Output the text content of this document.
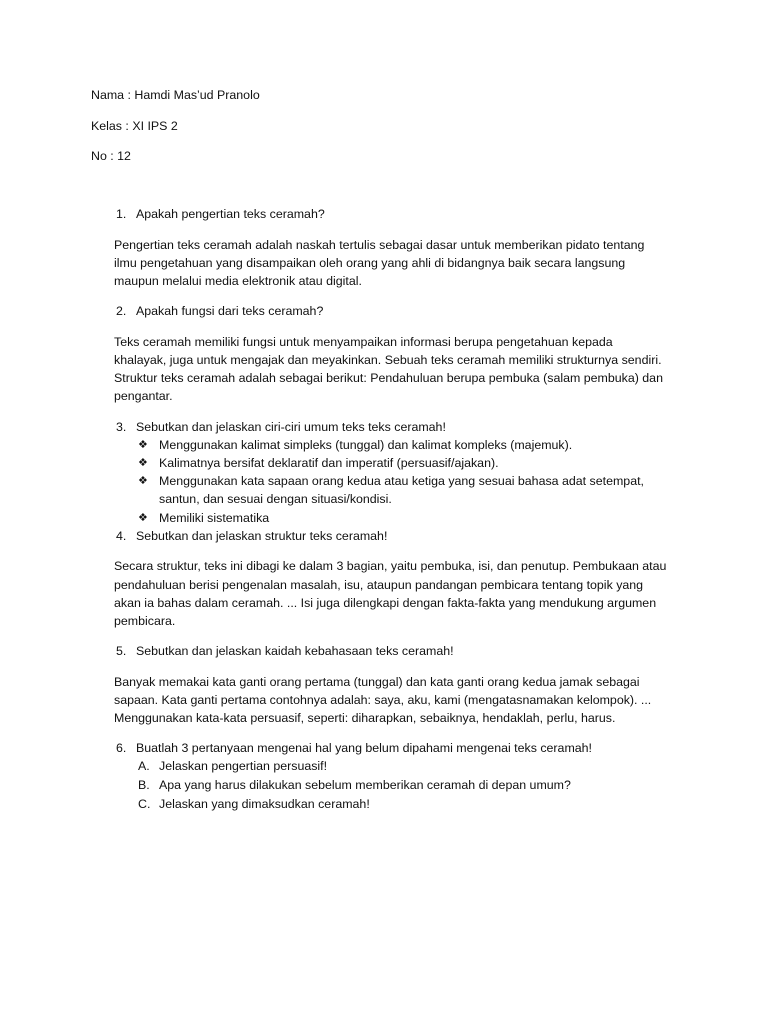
Nama : Hamdi Mas’ud Pranolo
Kelas : XI IPS 2
No : 12
1. Apakah pengertian teks ceramah?
Pengertian teks ceramah adalah naskah tertulis sebagai dasar untuk memberikan pidato tentang
ilmu pengetahuan yang disampaikan oleh orang yang ahli di bidangnya baik secara langsung
maupun melalui media elektronik atau digital.
2. Apakah fungsi dari teks ceramah?
Teks ceramah memiliki fungsi untuk menyampaikan informasi berupa pengetahuan kepada
khalayak, juga untuk mengajak dan meyakinkan. Sebuah teks ceramah memiliki strukturnya sendiri.
Struktur teks ceramah adalah sebagai berikut: Pendahuluan berupa pembuka (salam pembuka) dan
pengantar.
3. Sebutkan dan jelaskan ciri-ciri umum teks teks ceramah!
❖ Menggunakan kalimat simpleks (tunggal) dan kalimat kompleks (majemuk).
❖ Kalimatnya bersifat deklaratif dan imperatif (persuasif/ajakan).
❖ Menggunakan kata sapaan orang kedua atau ketiga yang sesuai bahasa adat setempat,
santun, dan sesuai dengan situasi/kondisi.
❖ Memiliki sistematika
4. Sebutkan dan jelaskan struktur teks ceramah!
Secara struktur, teks ini dibagi ke dalam 3 bagian, yaitu pembuka, isi, dan penutup. Pembukaan atau
pendahuluan berisi pengenalan masalah, isu, ataupun pandangan pembicara tentang topik yang
akan ia bahas dalam ceramah. ... Isi juga dilengkapi dengan fakta-fakta yang mendukung argumen
pembicara.
5. Sebutkan dan jelaskan kaidah kebahasaan teks ceramah!
Banyak memakai kata ganti orang pertama (tunggal) dan kata ganti orang kedua jamak sebagai
sapaan. Kata ganti pertama contohnya adalah: saya, aku, kami (mengatasnamakan kelompok). ...
Menggunakan kata-kata persuasif, seperti: diharapkan, sebaiknya, hendaklah, perlu, harus.
6. Buatlah 3 pertanyaan mengenai hal yang belum dipahami mengenai teks ceramah!
A. Jelaskan pengertian persuasif!
B. Apa yang harus dilakukan sebelum memberikan ceramah di depan umum?
C. Jelaskan yang dimaksudkan ceramah!
